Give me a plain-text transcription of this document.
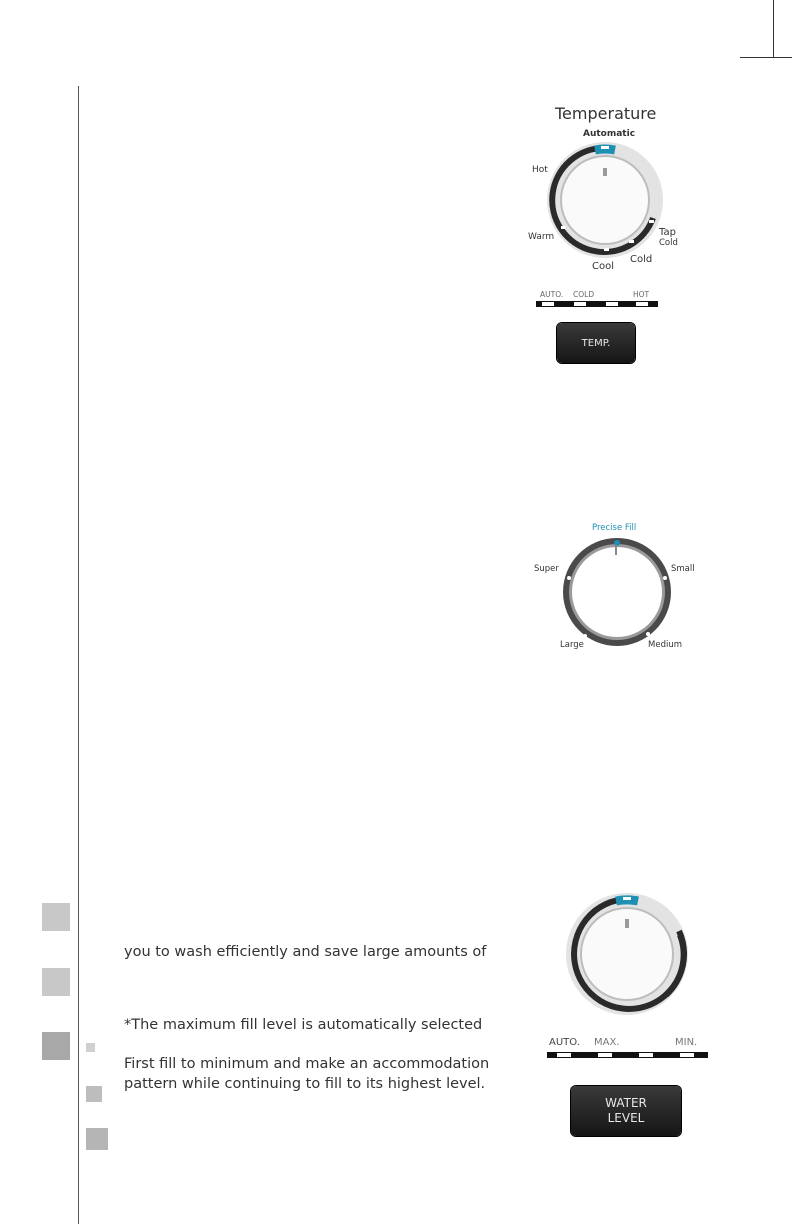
Temperature
Automatic
Hot
Warm
Cool
Cold
Tap
Cold
AUTO. COLD	HOT
TEMP.
Precise Fill
Super	Small
Large	Medium
AUTO. MAX.	MIN.
WATER
LEVEL
you to wash efficiently and save large amounts of
*The maximum fill level is automatically selected
First fill to minimum and make an accommodation
pattern while continuing to fill to its highest level.
